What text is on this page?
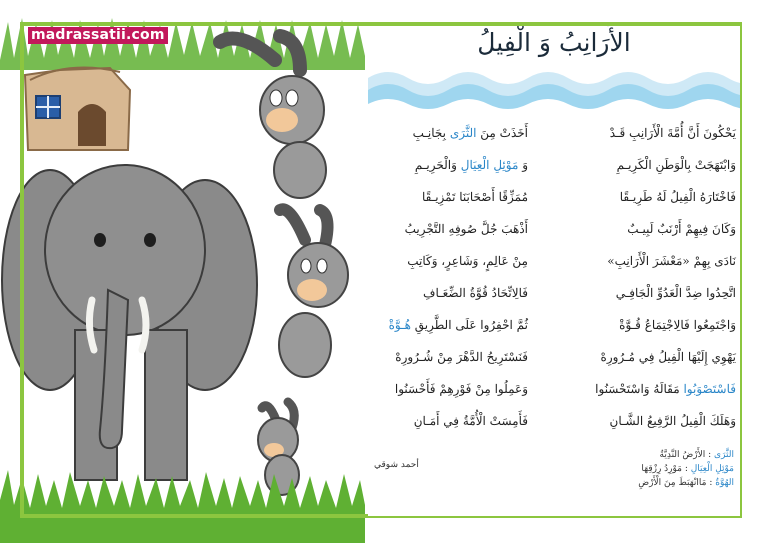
madrassatii.com	الأَرَانِبُ وَ الْفِيلُ
يَحْكُونَ أَنَّ أُمَّةَ الْأَرَانِبِ قَـدْ
وَابْتَهَجَتْ بِالْوَطَنِ الْكَرِيـمِ
فَاخْتَارَهُ الْفِيلُ لَهُ طَرِيـقًا
وَكَانَ فِيهِمْ أَرْنَبٌ لَبِيـبٌ
نَادَى بِهِمْ «مَعْشَرَ الْأَرَانِبِ»
اتَّحِدُوا ضِدَّ الْعَدُوِّ الْجَافِـي
وَاجْتَمِعُوا فَالِاجْتِمَاعُ قُـوَّةْ
يَهْوِي إِلَيْهَا الْفِيلُ فِي مُـرُورِهْ
فَاسْتَصْوَبُوا مَقَالَهُ وَاسْتَحْسَنُوا
وَهَلَكَ الْفِيلُ الرَّفِيعُ الشَّـانِ
أَخَذَتْ مِنَ الثَّرَى بِجَانِـبِ
وَ مَوْئِلِ الْعِيَالِ وَالْحَرِيـمِ
مُمَزِّقًا أَصْحَابَنَا تَمْزِيـقًا
أَذْهَبَ جُلَّ صُوفِهِ التَّجْرِيبُ
مِنْ عَالِمٍ، وَشَاعِرٍ، وَكَاتِبِ
فَالِاتِّحَادُ قُوَّةُ الضِّعَـافِ
ثُمَّ احْفِرُوا عَلَى الطَّرِيقِ هُـوَّةْ
فَنَسْتَرِيحُ الدَّهْرَ مِنْ شُـرُورِهْ
وَعَمِلُوا مِنْ فَوْرِهِمْ فَأَحْسَنُوا
فَأَمِسَتْ الْأُمَّةُ فِي أَمَـانِ
أحمد شوقي
الثَّرَى : الأَرْضُ النَّدِيَّةُ
مَوْئِلِ الْعِيَالِ : مَوْرِدُ رِزْقِهَا
الهُوَّةُ : مَاانْهَبَطَ مِنَ الْأَرْضِ
